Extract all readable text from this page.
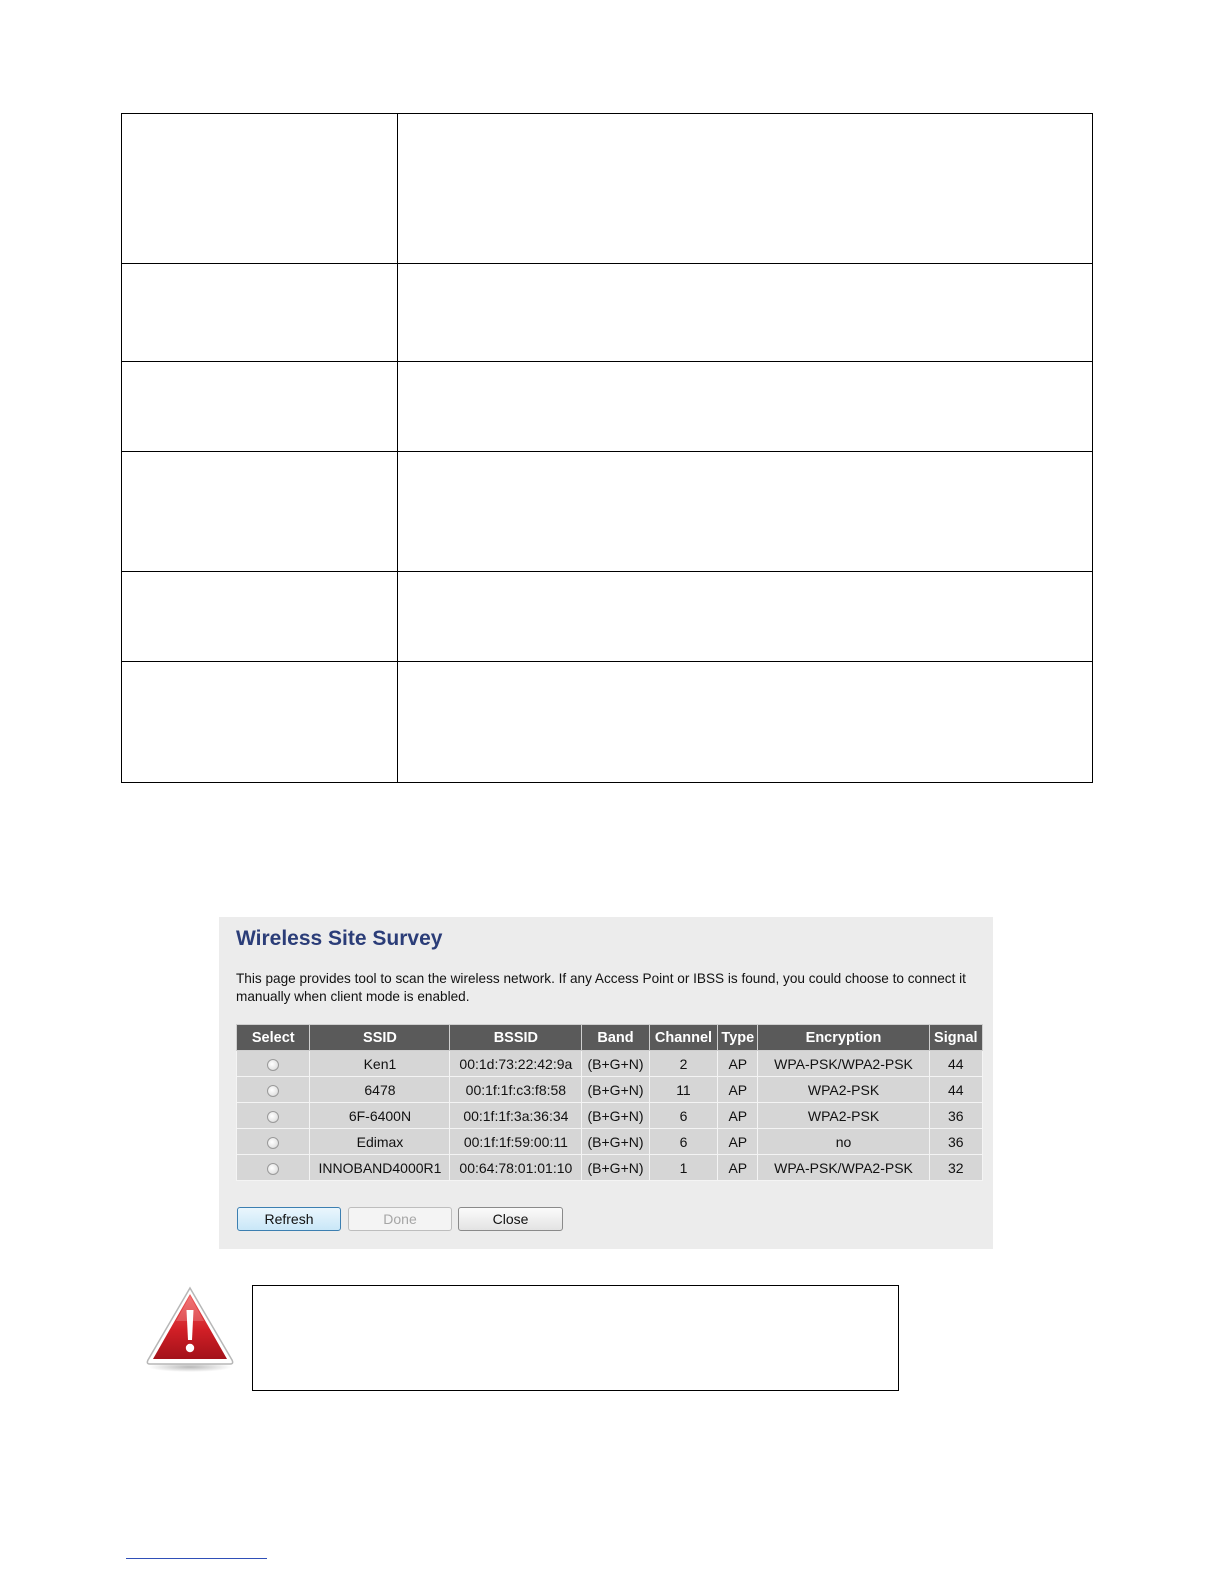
Wireless Site Survey
This page provides tool to scan the wireless network. If any Access Point or IBSS is found, you could choose to connect it manually when client mode is enabled.
Select	SSID	BSSID	Band	Channel	Type	Encryption	Signal
	Ken1	00:1d:73:22:42:9a	(B+G+N)	2	AP	WPA-PSK/WPA2-PSK	44
	6478	00:1f:1f:c3:f8:58	(B+G+N)	11	AP	WPA2-PSK	44
	6F-6400N	00:1f:1f:3a:36:34	(B+G+N)	6	AP	WPA2-PSK	36
	Edimax	00:1f:1f:59:00:11	(B+G+N)	6	AP	no	36
	INNOBAND4000R1	00:64:78:01:01:10	(B+G+N)	1	AP	WPA-PSK/WPA2-PSK	32
Refresh	Done	Close
